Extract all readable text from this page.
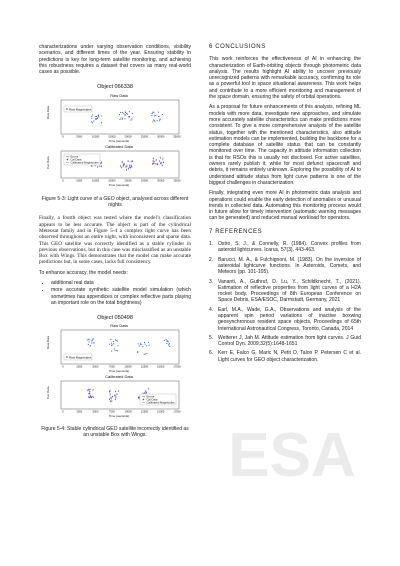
characterizations under varying observation conditions, visibility scenarios, and different times of the year. Ensuring stability in predictions is key for long-term satellite monitoring, and achieving this robustness requires a dataset that covers as many real-world cases as possible.

Object 066338
Raw Data
Raw Data	Raw Magnitudes
0	5000	10000	15000	20000	25000	30000	35000
Time (seconds)
Calibrated Data
Cal. Data	Errors
Cal Data
Calibrated Magnitudes
0	5000	10000	15000	20000	25000	30000	35000
Time (seconds)
Figure 5-3: Light curve of a GEO object, analysed across different nights

Finally, a fourth object was tested where the model’s classification appears to be less accurate. The object is part of the cylindrical Meteosat family and in Figure 5-4 a complex light curve has been observed throughout an entire night, with inconsistent and sparse data. This GEO satellite was correctly identified as a stable cylinder in previous observations, but in this case was misclassified as an unstable Box with Wings. This demonstrates that the model can make accurate predictions but, in some cases, lacks full consistency.

To enhance accuracy, the model needs:

• additional real data
• more accurate synthetic satellite model simulation (which sometimes has appendices or complex reflective parts playing an important role on the total brightness)
Object 050498
Raw Data
Raw Data
Raw Magnitudes
0	2500	5000	7500	10000	12500	15000	17500
Time (seconds)
Calibrated Data
Cal. Data	Errors
Cal Data
Calibrated Magnitudes
0	2500	5000	7500	10000	12500	15000	17500
Time (seconds)
Figure 5-4: Stable cylindrical GEO satellite incorrectly identified as an unstable Box with Wings.
6 CONCLUSIONS

This work reinforces the effectiveness of AI in enhancing the characterization of Earth-orbiting objects through photometric data analysis. The results highlight AI ability to uncover previously unrecognized patterns with remarkable accuracy, confirming its role as a powerful tool in space situational awareness. This work helps and contribute to a more efficient monitoring and management of the space domain, ensuring the safety of orbital operations.

As a proposal for future enhancements of this analysis, refining ML models with more data, investigate new approaches, and simulate more accurately satellite characteristics can make predictions more consistent. To give a more comprehensive analysis of the satellite status, together with the mentioned characteristics, also attitude estimation models can be implemented, building the backbone for a complete database of satellite status that can be constantly monitored over time. The capacity in attitude information collection is that for RSOs this is usually not disclosed. For active satellites, owners rarely publish it, while for most defunct spacecraft and debris, it remains entirely unknown. Exploring the possibility of AI to understand attitude status from light curve patterns is one of the biggest challenges in characterization.

Finally, integrating even more AI in photometric data analysis and operations could enable the early detection of anomalies or unusual trends in collected data. Automating this monitoring process would in future allow for timely intervention (automatic warning messages can be generated) and reduced manual workload for operators.

7 REFERENCES
1. Ostro, S. J., & Connelly, R. (1984). Convex profiles from asteroid lightcurves. Icarus, 57(3), 443-463.
2. Barucci, M. A., & Fulchignoni, M. (1983). On the inversion of asteroidal lightcurve functions. In Asteroids, Comets, and Meteors (pp. 101-105).
3. Vananti, A., Guthruf, D. Lu, Y., Schildknecht, T., (2021). Estimation of reflective properties from light curves of a H2A rocket body. Proceedings of 8th European Conference on Space Debris, ESA/ESOC, Darmstadt, Germany, 2021
4. Earl, M.A., Wade, G.A., Observations and analysis of the apparent spin period variations of inactive boxwing geosynchronous resident space objects, Proceedings of 65th International Astronautical Congress, Toronto, Canada, 2014
5. Wetterer J, Jah M. Attitude estimation from light curves. J Guid Control Dyn. 2009;32(5):1648-1651
6. Kerr E, Falco G, Maric N, Petit D, Talon P, Petersen C et al. Light curves for GEO object characterization.
ESA
